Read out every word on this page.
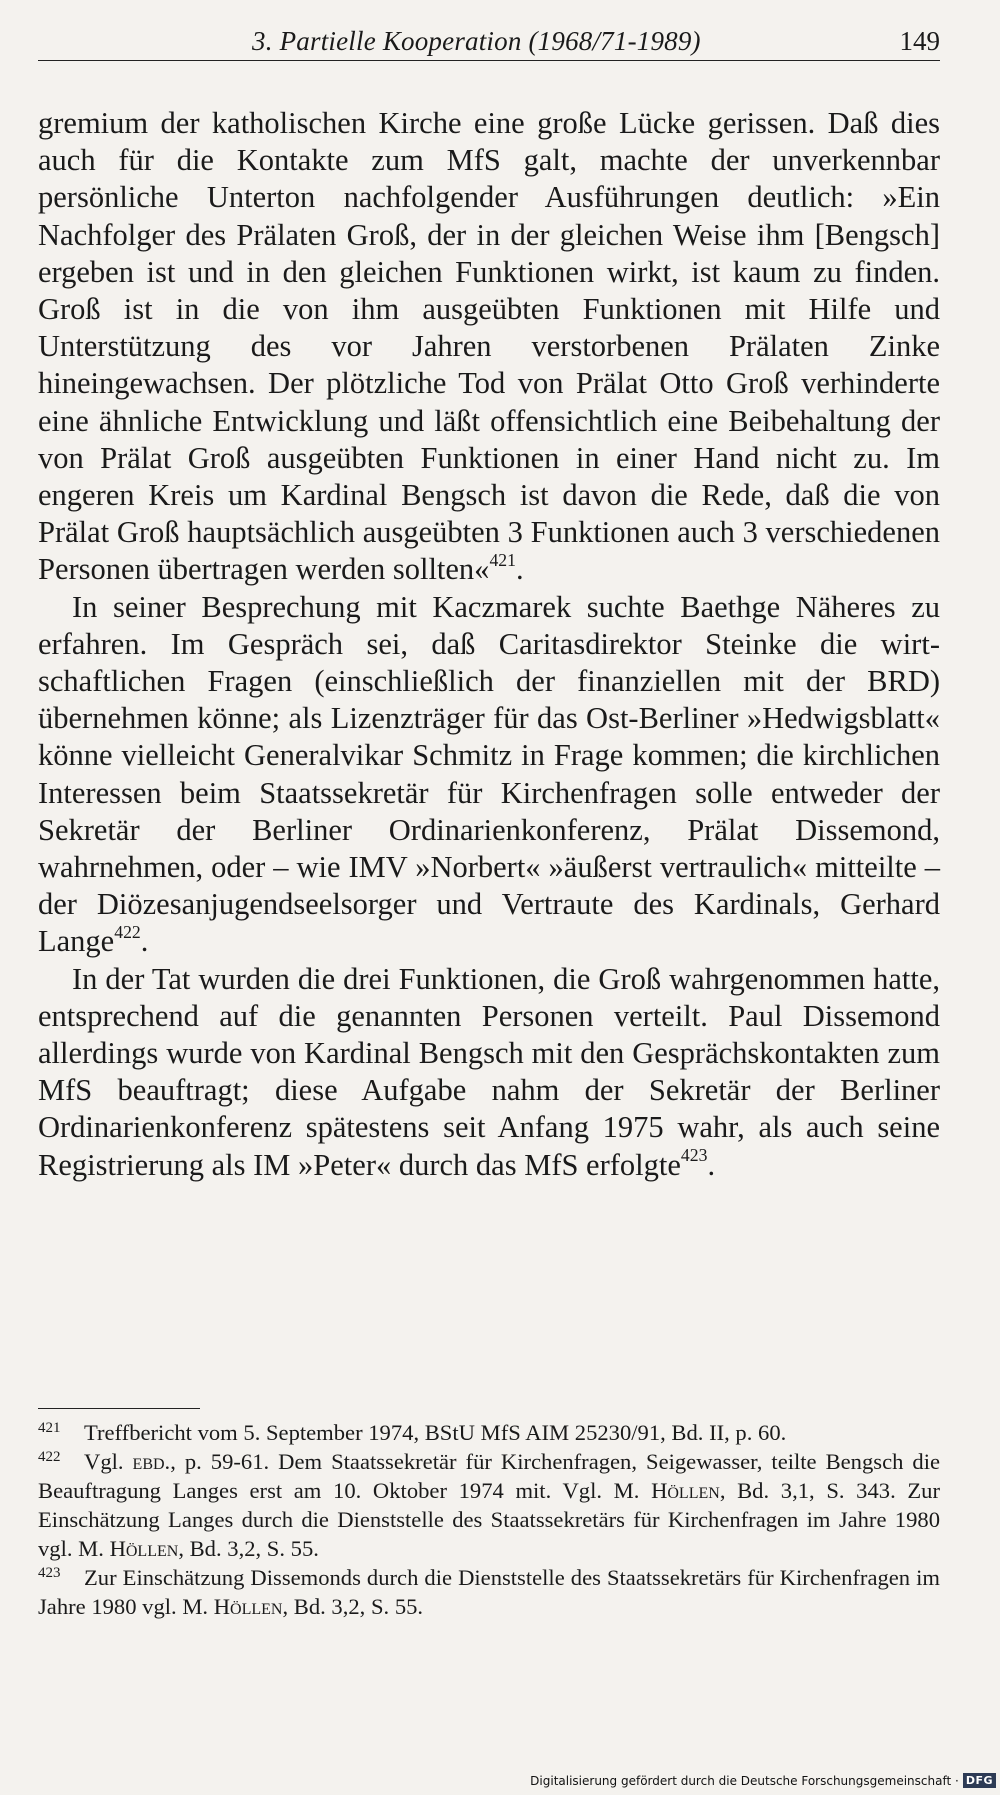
3. Partielle Kooperation (1968/71-1989)	149

gremium der katholischen Kirche eine große Lücke gerissen. Daß dies auch für die Kontakte zum MfS galt, machte der unverkennbar persönliche Unterton nachfolgender Ausführungen deutlich: »Ein Nachfolger des Prälaten Groß, der in der gleichen Weise ihm [Bengsch] ergeben ist und in den gleichen Funktionen wirkt, ist kaum zu finden. Groß ist in die von ihm ausgeübten Funktionen mit Hilfe und Unterstützung des vor Jahren verstorbenen Prälaten Zinke hineingewachsen. Der plötzliche Tod von Prälat Otto Groß verhinderte eine ähnliche Entwicklung und läßt offensichtlich eine Beibehaltung der von Prälat Groß ausgeübten Funktionen in einer Hand nicht zu. Im engeren Kreis um Kardinal Bengsch ist davon die Rede, daß die von Prälat Groß hauptsächlich ausgeübten 3 Funktionen auch 3 verschiedenen Personen übertragen werden sollten«$^{421}$.

In seiner Besprechung mit Kaczmarek suchte Baethge Näheres zu erfahren. Im Gespräch sei, daß Caritasdirektor Steinke die wirtschaftlichen Fragen (einschließlich der finanziellen mit der BRD) übernehmen könne; als Lizenzträger für das Ost-Berliner »Hedwigsblatt« könne vielleicht Generalvikar Schmitz in Frage kommen; die kirchlichen Interessen beim Staatssekretär für Kirchenfragen solle entweder der Sekretär der Berliner Ordinarienkonferenz, Prälat Dissemond, wahrnehmen, oder – wie IMV »Norbert« »äußerst vertraulich« mitteilte – der Diözesanjugendseelsorger und Vertraute des Kardinals, Gerhard Lange$^{422}$.

In der Tat wurden die drei Funktionen, die Groß wahrgenommen hatte, entsprechend auf die genannten Personen verteilt. Paul Dissemond allerdings wurde von Kardinal Bengsch mit den Gesprächskontakten zum MfS beauftragt; diese Aufgabe nahm der Sekretär der Berliner Ordinarienkonferenz spätestens seit Anfang 1975 wahr, als auch seine Registrierung als IM »Peter« durch das MfS erfolgte$^{423}$.

421 Treffbericht vom 5. September 1974, BStU MfS AIM 25230/91, Bd. II, p. 60.
422	Vgl. ebd., p. 59-61. Dem Staatssekretär für Kirchenfragen, Seigewasser, teilte Bengsch die Beauftragung Langes erst am 10. Oktober 1974 mit. Vgl. M. Höllen, Bd. 3,1, S. 343. Zur Einschätzung Langes durch die Dienststelle des Staatssekretärs für Kirchenfragen im Jahre 1980 vgl. M. Höllen, Bd. 3,2, S. 55.
423	Zur Einschätzung Dissemonds durch die Dienststelle des Staatssekretärs für Kirchenfragen im Jahre 1980 vgl. M. Höllen, Bd. 3,2, S. 55.
Digitalisierung gefördert durch die Deutsche Forschungsgemeinschaft · DFG
